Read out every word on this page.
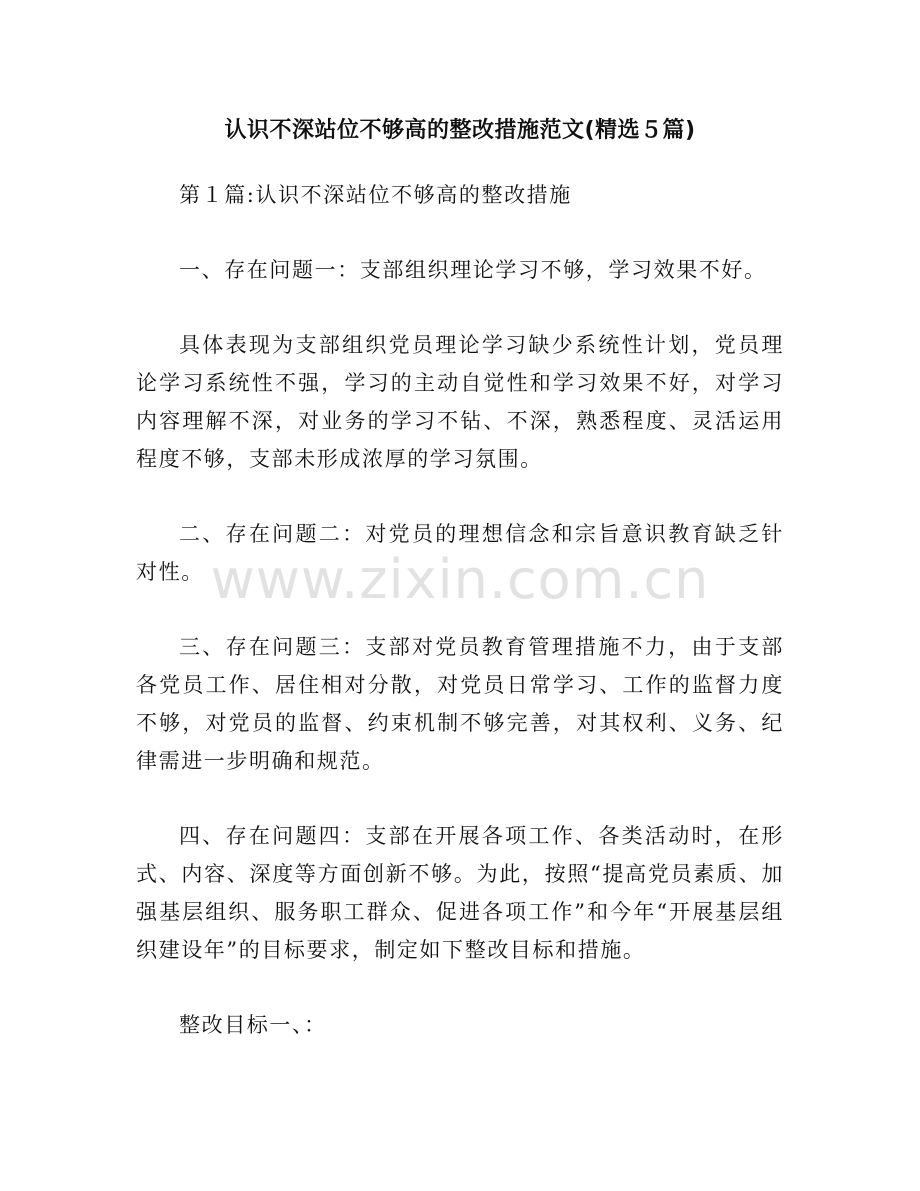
认识不深站位不够高的整改措施范文(精选５篇)

第１篇:认识不深站位不够高的整改措施

一、存在问题一：支部组织理论学习不够，学习效果不好。

具体表现为支部组织党员理论学习缺少系统性计划，党员理论学习系统性不强，学习的主动自觉性和学习效果不好，对学习内容理解不深，对业务的学习不钻、不深，熟悉程度、灵活运用程度不够，支部未形成浓厚的学习氛围。

二、存在问题二：对党员的理想信念和宗旨意识教育缺乏针对性。

三、存在问题三：支部对党员教育管理措施不力，由于支部各党员工作、居住相对分散，对党员日常学习、工作的监督力度不够，对党员的监督、约束机制不够完善，对其权利、义务、纪律需进一步明确和规范。

四、存在问题四：支部在开展各项工作、各类活动时，在形式、内容、深度等方面创新不够。为此，按照“提高党员素质、加强基层组织、服务职工群众、促进各项工作”和今年“开展基层组织建设年”的目标要求，制定如下整改目标和措施。

整改目标一、：

www.zixin.com.cn
